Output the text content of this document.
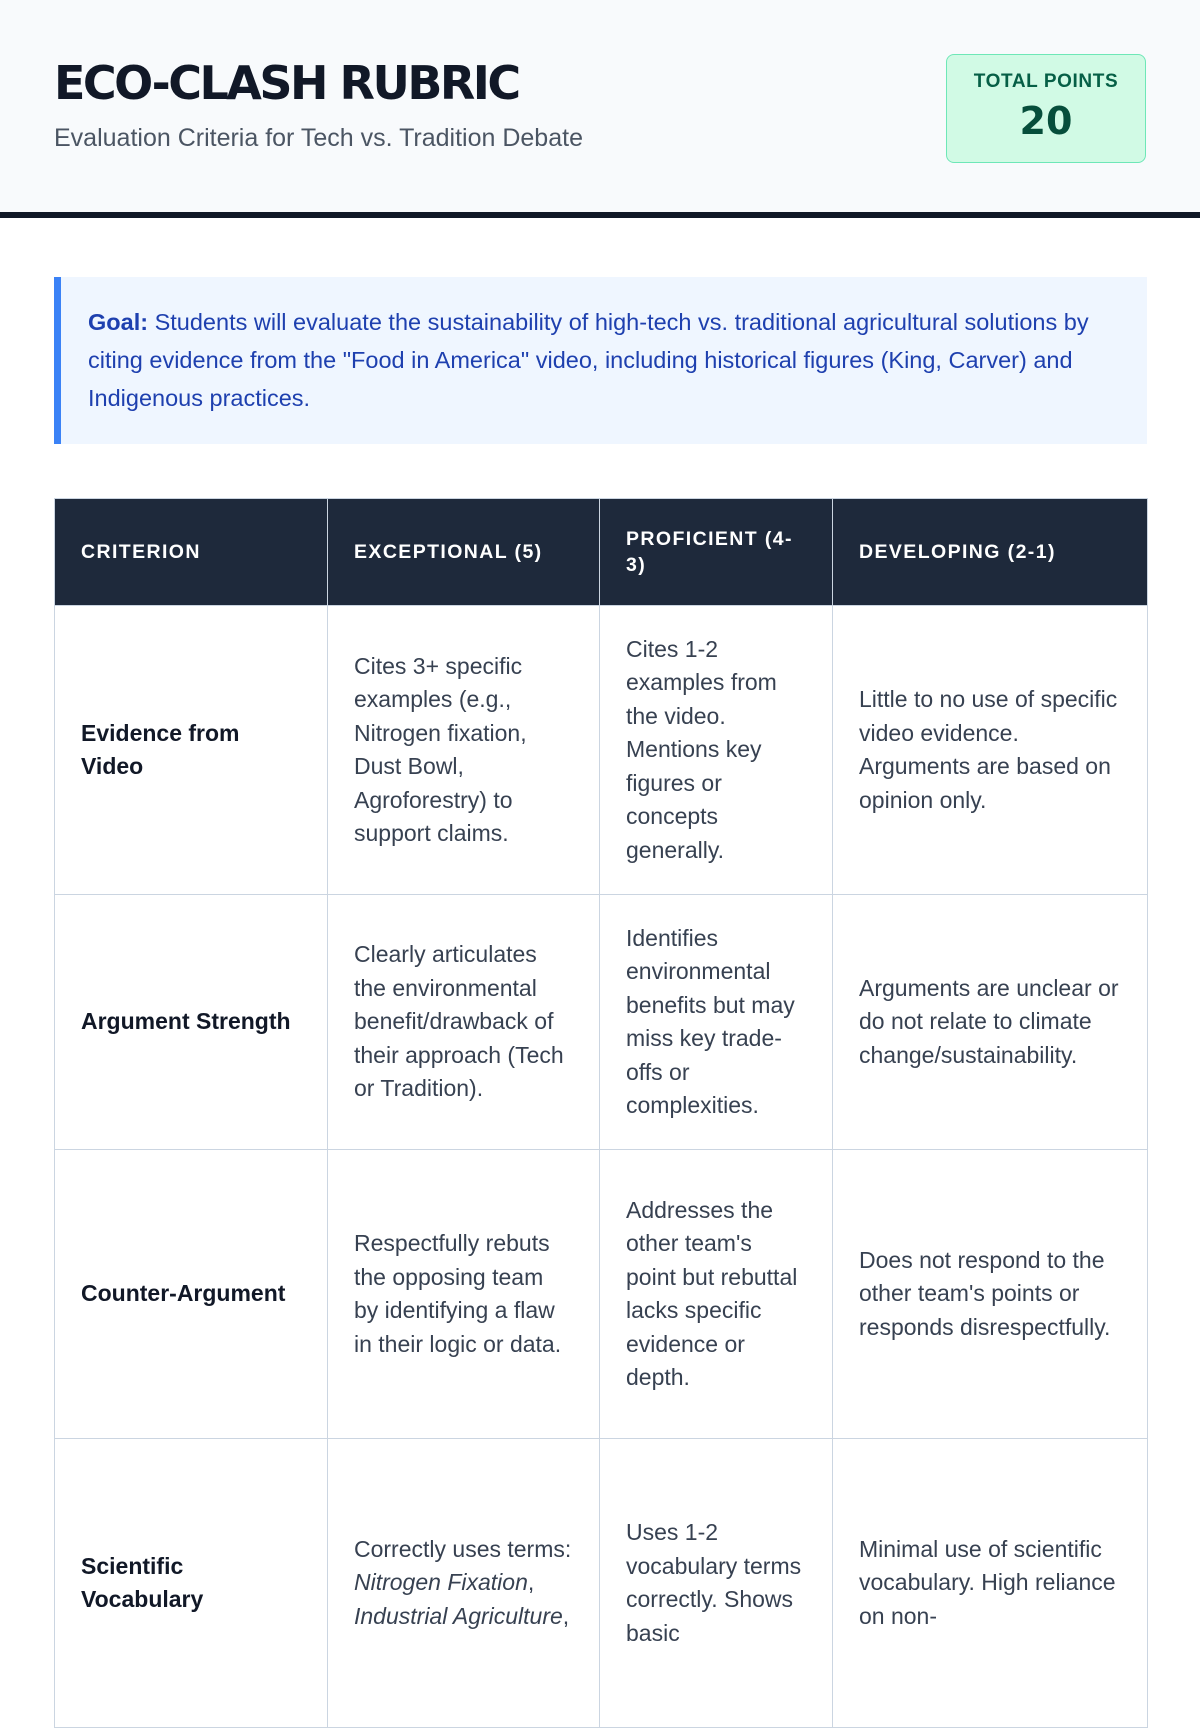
ECO-CLASH RUBRIC
Evaluation Criteria for Tech vs. Tradition Debate
TOTAL POINTS
20
Goal: Students will evaluate the sustainability of high-tech vs. traditional agricultural solutions by citing evidence from the "Food in America" video, including historical figures (King, Carver) and Indigenous practices.
CRITERION	EXCEPTIONAL (5)	PROFICIENT (4-3)	DEVELOPING (2-1)
Evidence from Video	Cites 3+ specific examples (e.g., Nitrogen fixation, Dust Bowl, Agroforestry) to support claims.	Cites 1-2 examples from the video. Mentions key figures or concepts generally.	Little to no use of specific video evidence. Arguments are based on opinion only.
Argument Strength	Clearly articulates the environmental benefit/drawback of their approach (Tech or Tradition).	Identifies environmental benefits but may miss key trade-offs or complexities.	Arguments are unclear or do not relate to climate change/sustainability.
Counter-Argument	Respectfully rebuts the opposing team by identifying a flaw in their logic or data.	Addresses the other team's point but rebuttal lacks specific evidence or depth.	Does not respond to the other team's points or responds disrespectfully.
Scientific Vocabulary	Correctly uses terms: Nitrogen Fixation, Industrial Agriculture,	Uses 1-2 vocabulary terms correctly. Shows basic	Minimal use of scientific vocabulary. High reliance on non-
